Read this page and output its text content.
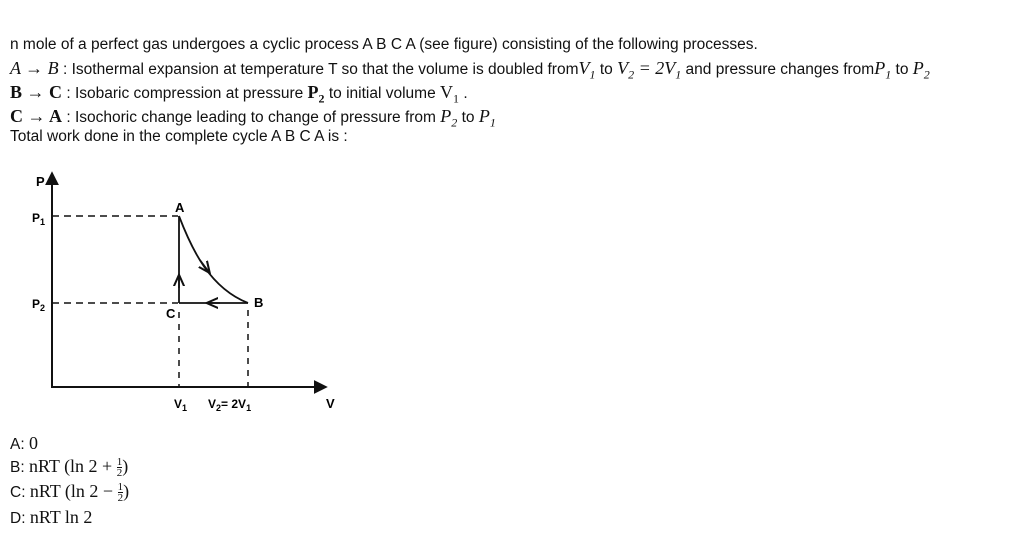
n mole of a perfect gas undergoes a cyclic process A B C A (see figure) consisting of the following processes.
A → B : Isothermal expansion at temperature T so that the volume is doubled fromV$_1$ to $V_2 = 2V_1$ and pressure changes fromP$_1$ to $P_2$
B → C : Isobaric compression at pressure $P_2$ to initial volume $V_1$ .
C → A : Isochoric change leading to change of pressure from $P_2$ to $P_1$
Total work done in the complete cycle A B C A is :
P
V
$P_1$
$P_2$
A
B
C
$V_1$ $V_2= 2V_1$
A: 0
B: nRT (ln $2 + \frac{1}{2}$ )
C: nRT (ln $2 - \frac{1}{2}$ )
D: nRT ln 2
